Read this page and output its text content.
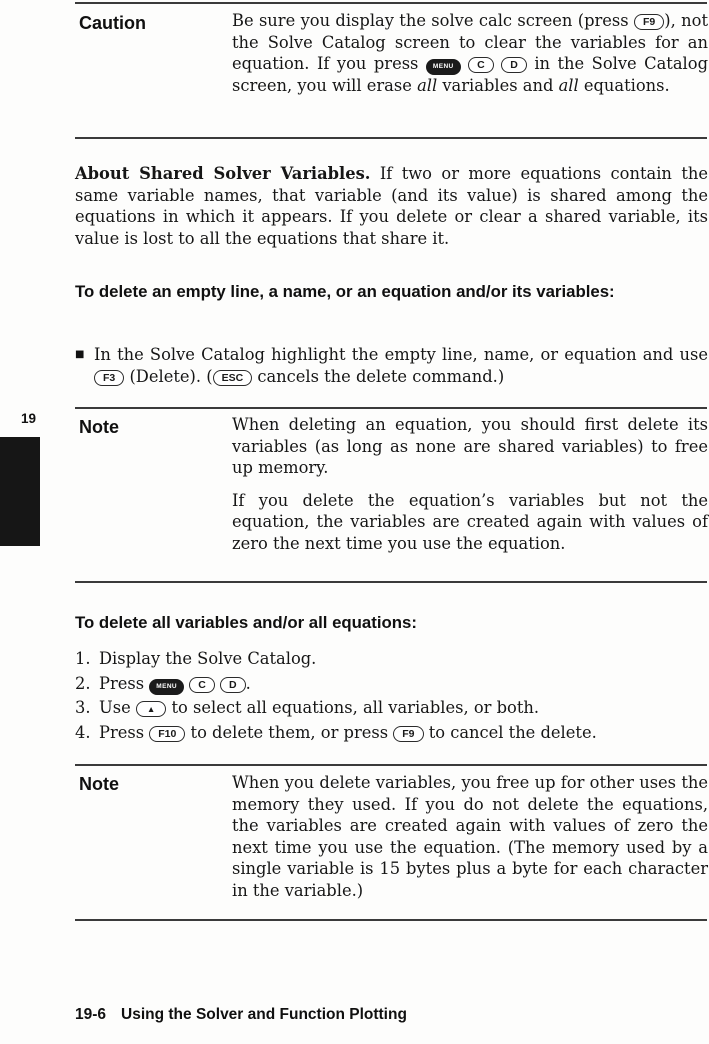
Caution	Be sure you display the solve calc screen (press F9 ), not the Solve Catalog screen to clear the variables for an equation. If you press MENU C D in the Solve Catalog screen, you will erase all variables and all equations.
About Shared Solver Variables. If two or more equations contain the same variable names, that variable (and its value) is shared among the equations in which it appears. If you delete or clear a shared variable, its value is lost to all the equations that share it.
To delete an empty line, a name, or an equation and/or its variables:
■ In the Solve Catalog highlight the empty line, name, or equation and use F3 (Delete). ( ESC cancels the delete command.)
19 Note	When deleting an equation, you should first delete its variables (as long as none are shared variables) to free up memory.
If you delete the equation’s variables but not the equation, the variables are created again with values of zero the next time you use the equation.
To delete all variables and/or all equations:
1. Display the Solve Catalog.
2. Press MENU C D .
3. Use ▲ to select all equations, all variables, or both.
4. Press F10 to delete them, or press F9 to cancel the delete.
Note	When you delete variables, you free up for other uses the memory they used. If you do not delete the equations, the variables are created again with values of zero the next time you use the equation. (The memory used by a single variable is 15 bytes plus a byte for each character in the variable.)
19-6 Using the Solver and Function Plotting
